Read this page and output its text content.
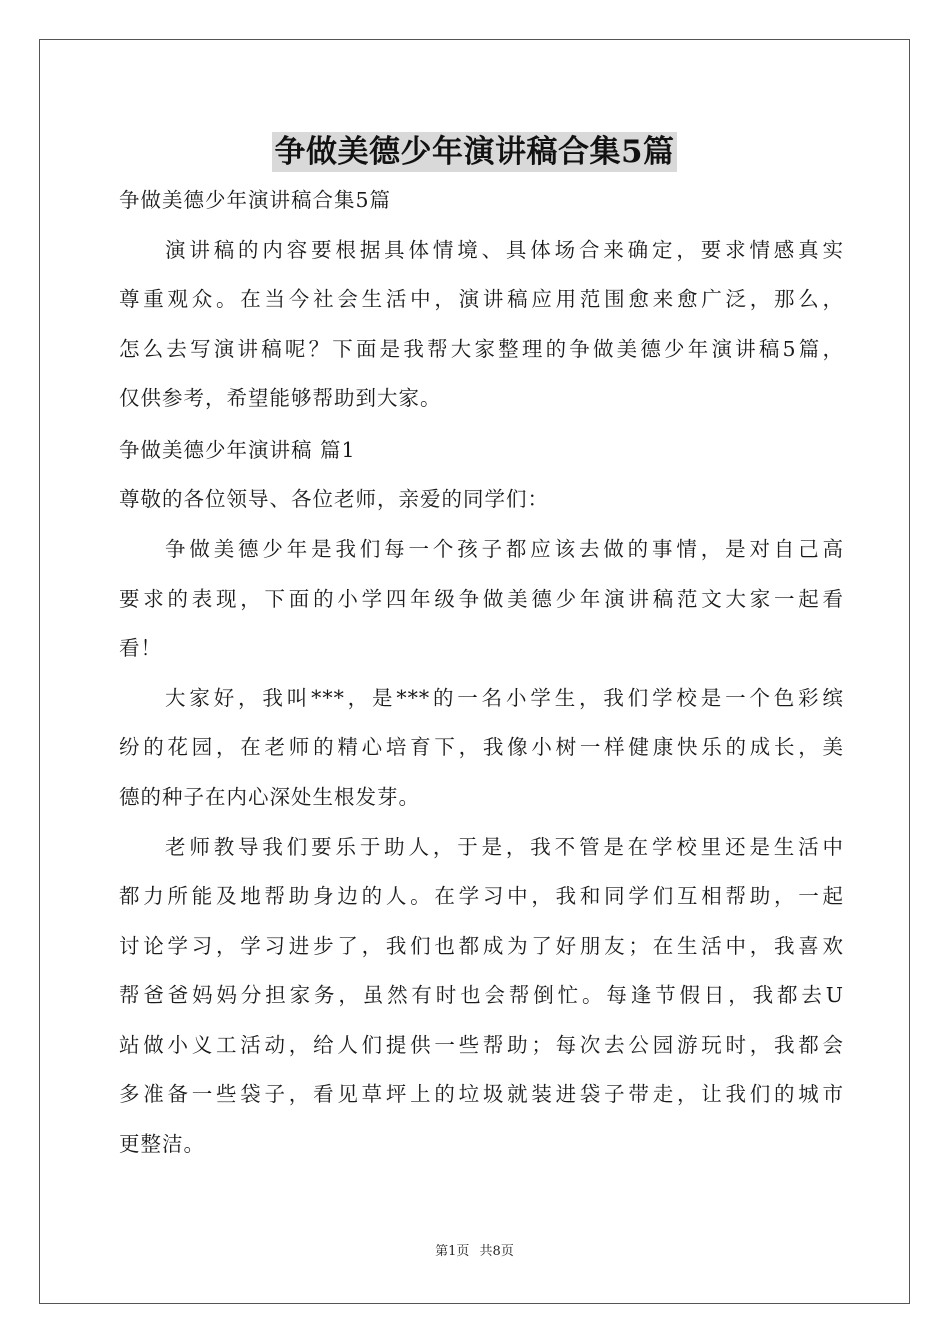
争做美德少年演讲稿合集5篇
争做美德少年演讲稿合集5篇
演讲稿的内容要根据具体情境、具体场合来确定，要求情感真实
尊重观众。在当今社会生活中，演讲稿应用范围愈来愈广泛，那么，
怎么去写演讲稿呢？下面是我帮大家整理的争做美德少年演讲稿5篇，
仅供参考，希望能够帮助到大家。
争做美德少年演讲稿 篇1
尊敬的各位领导、各位老师，亲爱的同学们：
争做美德少年是我们每一个孩子都应该去做的事情，是对自己高
要求的表现，下面的小学四年级争做美德少年演讲稿范文大家一起看
看！
大家好，我叫***，是***的一名小学生，我们学校是一个色彩缤
纷的花园，在老师的精心培育下，我像小树一样健康快乐的成长，美
德的种子在内心深处生根发芽。
老师教导我们要乐于助人，于是，我不管是在学校里还是生活中
都力所能及地帮助身边的人。在学习中，我和同学们互相帮助，一起
讨论学习，学习进步了，我们也都成为了好朋友；在生活中，我喜欢
帮爸爸妈妈分担家务，虽然有时也会帮倒忙。每逢节假日，我都去U
站做小义工活动，给人们提供一些帮助；每次去公园游玩时，我都会
多准备一些袋子，看见草坪上的垃圾就装进袋子带走，让我们的城市
更整洁。
第1页 共8页
